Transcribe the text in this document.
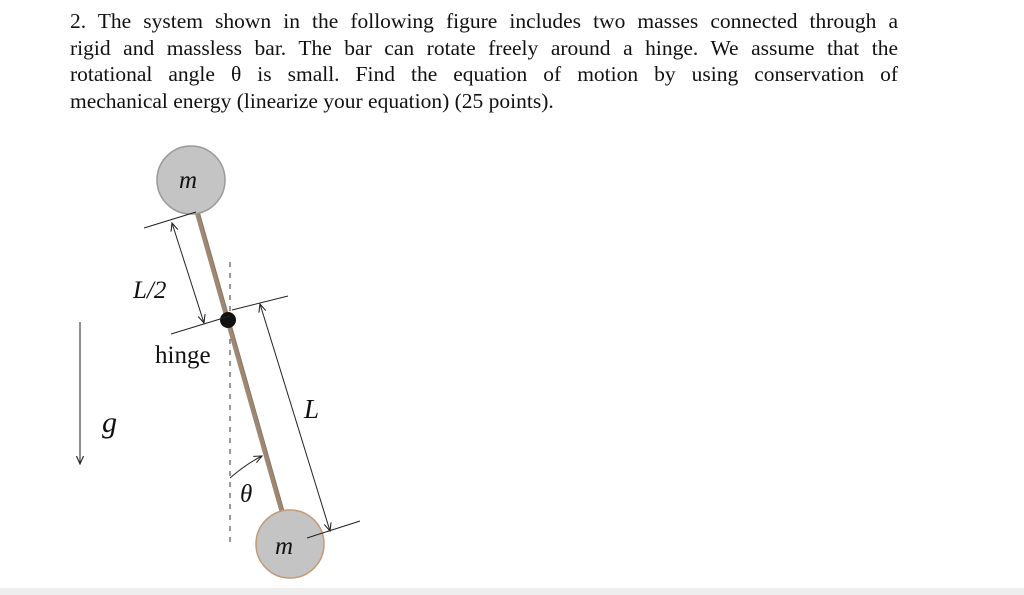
2. The system shown in the following figure includes two masses connected through a
rigid and massless bar. The bar can rotate freely around a hinge. We assume that the
rotational angle θ is small. Find the equation of motion by using conservation of
mechanical energy (linearize your equation) (25 points).
m
m
L/2
hinge
L
θ
g
